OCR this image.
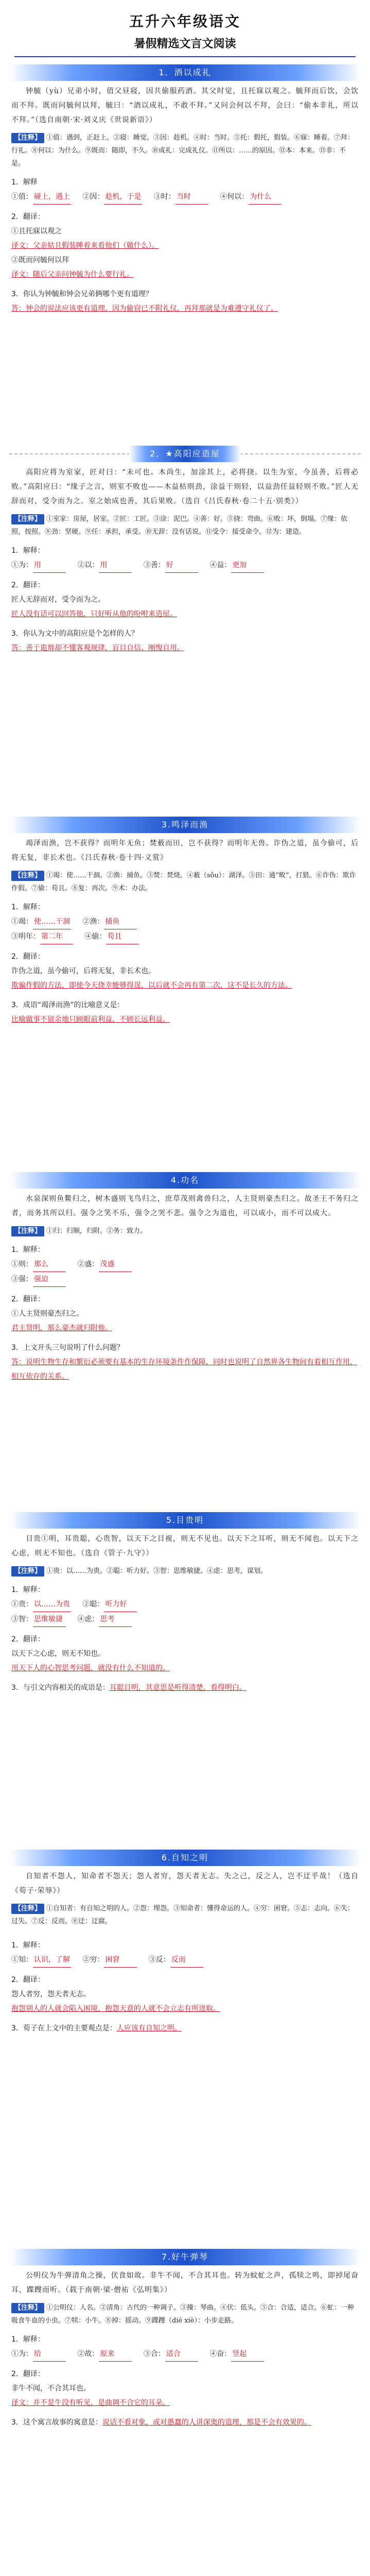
五升六年级语文
暑假精选文言文阅读
1．酒以成礼
钟毓（yù）兄弟小时，值父昼寝，因共偷服药酒。其父时觉，且托寐以观之。毓拜而后饮，会饮而不拜。既而问毓何以拜，毓曰：“酒以成礼，不敢不拜。”又问会何以不拜，会曰：“偷本非礼，所以不拜。”（选自南朝·宋·刘义庆《世说新语》）
【注释】 ①值：遇到，正赶上。②寝：睡觉。③因：趁机。④时：当时。⑤托：假托，假装。⑥寐：睡着。⑦拜：行礼。⑧何以：为什么。⑨既而：随即，不久。⑩成礼：完成礼仪。⑪所以：……的原因。⑫本：本来。⑬非：不是。
1．解释
①值： 碰上，遇上 ②因： 趁机，于是 ③时： 当时	④何以： 为什么
2．翻译：
①且托寐以观之
译文：父亲姑且假装睡着来看他们（做什么）。
②既而问毓何以拜
译文：随后父亲问钟毓为什么要行礼。
3．你认为钟毓和钟会兄弟俩哪个更有道理？
答：钟会的说法应该更有道理，因为偷窃已不附礼仪，再拜那就是为难遵守礼仪了。
2．★高阳应造屋
高阳应将为室家，匠对曰：“未可也。木尚生，加涂其上，必将挠。以生为室，今虽善，后将必败。”高阳应曰：“缘子之言，则室不败也——木益枯则劲，涂益干则轻，以益劲任益轻则不败。”匠人无辞而对，受令而为之。室之始成也善，其后果败。（选自《吕氏春秋·卷二十五·别类》）
【注释】 ①室家：房屋，居室。②匠：工匠。③涂：泥巴。④善：好。⑤挠：弯曲。⑥败：坏，倒塌。⑦缘：依照，按照。⑧劲：坚硬。⑨任：承担，承受。⑩无辞：没有话说。⑪受令：接受命令。⑫为：建造。
1．解释：
①为： 用	②以： 用	③善： 好	④益： 更加
2．翻译：
匠人无辞而对，受令而为之。
匠人没有话可以回答他，只好听从他的吩咐来造屋。
3．你认为文中的高阳应是个怎样的人？
答：善于诡辩却不懂客观规律，盲目自信、刚愎自用。
3.鸣泽而渔
竭泽而渔，岂不获得？而明年无鱼；焚薮而田，岂不获得？而明年无兽。诈伪之道，虽今偷可，后将无复，非长术也。《吕氏春秋·卷十四·义赏》
【注释】 ①竭：使……干涸。②渔：捕鱼。③焚：焚烧。④薮（sǒu）：湖泽。⑤田：通“畋”，打猎。⑥诈伪：欺诈作假。⑦偷：苟且。⑧复：再次。⑨术：办法。
1．解释：
①竭： 使……干涸 ②渔： 捕鱼
③明年： 第二年	④偷： 苟且
2．翻译：
诈伪之道，虽今偷可，后将无复，非长术也。
欺骗作假的方法，即使今天侥幸能够得逞，以后就不会再有第二次，这不是长久的方法。
3．成语“竭泽而渔”的比喻意义是：
比喻做事不留余地只顾眼前利益，不顾长远利益。
4.功名
水泉深则鱼鳖归之，树木盛则飞鸟归之，庶草茂则禽兽归之，人主贤则豪杰归之。故圣王不务归之者，而务其所以归。强令之笑不乐，强令之哭不悲。强令之为道也，可以成小，而不可以成大。
【注释】 ①归：归顺，归附。②务：致力。
1．解释：
①则： 那么	②盛： 茂盛
③强： 强迫
2．翻译：
①人主贤则豪杰归之。
君主贤明，那么豪杰就归附他。
3．上文开头三句说明了什么问题？
答：说明生物生存和繁衍必须要有基本的生存环境条件作保障，同时也说明了自然界各生物间有着相互作用，相互依存的关系。
5.目贵明
目贵①明，耳贵聪，心贵智，以天下之目视，则无不见也。以天下之耳听，则无不闻也。以天下之心虑，则无不知也。（选自《管子·九守》）
【注释】 ①贵：以……为贵。②聪：听力好。③智：思维敏捷。④虑：思考，谋划。
1．解释：
①贵： 以……为贵 ②聪： 听力好
③智： 思维敏捷 ④虑： 思考
2．翻译：
以天下之心虑，则无不知也。
用天下人的心智思考问题，就没有什么不知道的。
3．与引文内容相关的成语是：耳聪目明，其意思是听得清楚，看得明白。
6.自知之明
自知者不怨人，知命者不怨天；怨人者穷，怨天者无志。失之己，反之人，岂不迂乎哉！（选自《荀子·荣辱》）
【注释】 ①自知者：有自知之明的人。②怨：埋怨。③知命者：懂得命运的人。④穷：困窘。⑤志：志向。⑥失：过失。⑦反：反而。⑧迂：迂腐。
1．解释：
①知： 认识，了解 ②穷： 困窘	③反： 反而
2．翻译：
怨人者穷，怨天者无志。
抱怨别人的人就会陷入困境，抱怨天意的人就不会立志有所进取。
3．荀子在上文中的主要观点是：人应该有自知之明。
7.好牛弹琴
公明仪为牛弹清角之操，伏食如故。非牛不闻，不合其耳也。转为蚊虻之声，孤犊之鸣，即掉尾奋耳，蹀躞而听。（载于南朝·梁·僧祐《弘明集》）
【注释】 ①公明仪：人名。②清角：古代的一种调子。③操：琴曲。④伏：低头。⑤合：合适，适合。⑥虻：一种吸食牛血的小虫。⑦犊：小牛。⑧掉：摇动。⑨蹀躞（dié xiè）：小步走路。
1．解释：
①为： 给	②故： 原来	③合： 适合	④奋： 竖起
2．翻译：
非牛不闻，不合其耳也。
译文：并不是牛没有听见，是曲调不合它的耳朵。
3．这个寓言故事的寓意是：说话不看对象，或对愚蠢的人讲深奥的道理，那是不会有效果的。
